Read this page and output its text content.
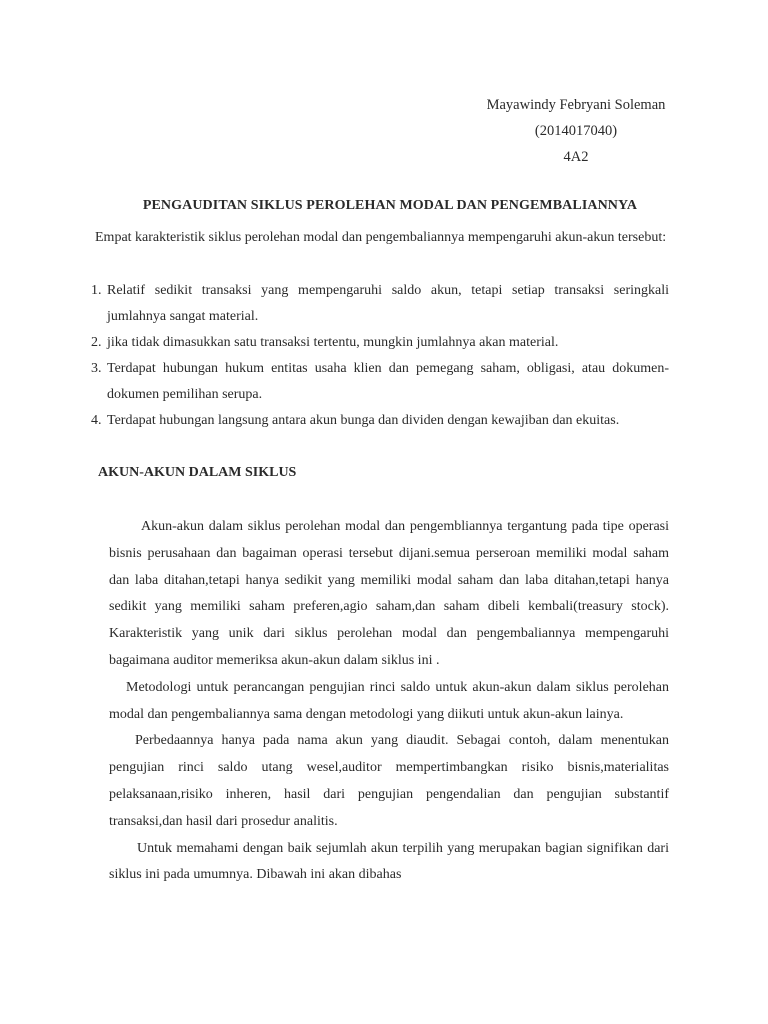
Mayawindy Febryani Soleman
(2014017040)
4A2
PENGAUDITAN SIKLUS PEROLEHAN MODAL DAN PENGEMBALIANNYA
Empat karakteristik siklus perolehan modal dan pengembaliannya mempengaruhi akun-akun tersebut:
1. Relatif sedikit transaksi yang mempengaruhi saldo akun, tetapi setiap transaksi seringkali jumlahnya sangat material.
2. jika tidak dimasukkan satu transaksi tertentu, mungkin jumlahnya akan material.
3. Terdapat hubungan hukum entitas usaha klien dan pemegang saham, obligasi, atau dokumen-dokumen pemilihan serupa.
4. Terdapat hubungan langsung antara akun bunga dan dividen dengan kewajiban dan ekuitas.
AKUN-AKUN DALAM SIKLUS

Akun-akun dalam siklus perolehan modal dan pengembliannya tergantung pada tipe operasi bisnis perusahaan dan bagaiman operasi tersebut dijani.semua perseroan memiliki modal saham dan laba ditahan,tetapi hanya sedikit yang memiliki modal saham dan laba ditahan,tetapi hanya sedikit yang memiliki saham preferen,agio saham,dan saham dibeli kembali(treasury stock). Karakteristik yang unik dari siklus perolehan modal dan pengembaliannya mempengaruhi bagaimana auditor memeriksa akun-akun dalam siklus ini .

Metodologi untuk perancangan pengujian rinci saldo untuk akun-akun dalam siklus perolehan modal dan pengembaliannya sama dengan metodologi yang diikuti untuk akun-akun lainya.

Perbedaannya hanya pada nama akun yang diaudit. Sebagai contoh, dalam menentukan pengujian rinci saldo utang wesel,auditor mempertimbangkan risiko bisnis,materialitas pelaksanaan,risiko inheren, hasil dari pengujian pengendalian dan pengujian substantif transaksi,dan hasil dari prosedur analitis.

Untuk memahami dengan baik sejumlah akun terpilih yang merupakan bagian signifikan dari siklus ini pada umumnya. Dibawah ini akan dibahas
